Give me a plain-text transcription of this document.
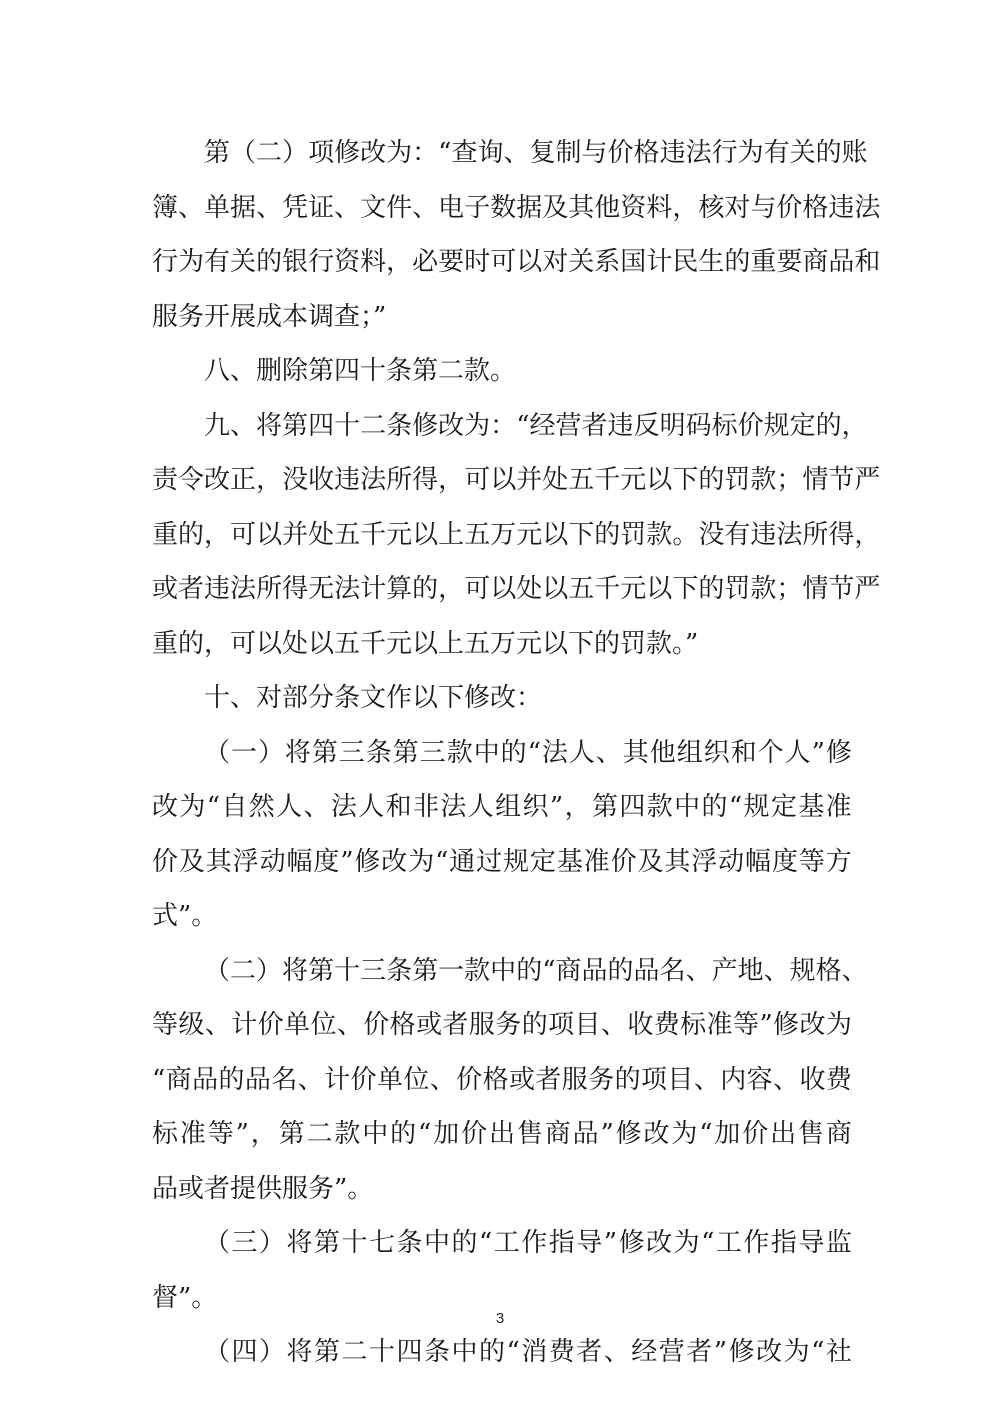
第 （ 二 ） 项 修 改 为 ： “ 查 询 、 复 制 与 价 格 违 法 行 为 有 关 的 账
簿 、 单 据 、 凭 证 、 文 件 、 电 子 数 据 及 其 他 资 料 ， 核 对 与 价 格 违 法
行 为 有 关 的 银 行 资 料 ， 必 要 时 可 以 对 关 系 国 计 民 生 的 重 要 商 品 和
服务开展成本调查；”
八、删除第四十条第二款。
九 、 将 第 四 十 二 条 修 改 为 ： “ 经 营 者 违 反 明 码 标 价 规 定 的 ，
责 令 改 正 ， 没 收 违 法 所 得 ， 可 以 并 处 五 千 元 以 下 的 罚 款 ； 情 节 严
重 的 ， 可 以 并 处 五 千 元 以 上 五 万 元 以 下 的 罚 款 。 没 有 违 法 所 得 ，
或 者 违 法 所 得 无 法 计 算 的 ， 可 以 处 以 五 千 元 以 下 的 罚 款 ； 情 节 严
重的，可以处以五千元以上五万元以下的罚款。”
十、对部分条文作以下修改：
（ 一 ） 将 第 三 条 第 三 款 中 的 “ 法 人 、 其 他 组 织 和 个 人 ” 修
改 为 “ 自 然 人 、 法 人 和 非 法 人 组 织 ” ， 第 四 款 中 的 “ 规 定 基 准
价 及 其 浮 动 幅 度 ” 修 改 为 “ 通 过 规 定 基 准 价 及 其 浮 动 幅 度 等 方
式”。
（ 二 ） 将 第 十 三 条 第 一 款 中 的 “ 商 品 的 品 名 、 产 地 、 规 格 、
等 级 、 计 价 单 位 、 价 格 或 者 服 务 的 项 目 、 收 费 标 准 等 ” 修 改 为
“ 商 品 的 品 名 、 计 价 单 位 、 价 格 或 者 服 务 的 项 目 、 内 容 、 收 费
标 准 等 ” ， 第 二 款 中 的 “ 加 价 出 售 商 品 ” 修 改 为 “ 加 价 出 售 商
品或者提供服务”。
（ 三 ） 将 第 十 七 条 中 的 “ 工 作 指 导 ” 修 改 为 “ 工 作 指 导 监
督”。
（ 四 ） 将 第 二 十 四 条 中 的 “ 消 费 者 、 经 营 者 ” 修 改 为 “ 社
3
